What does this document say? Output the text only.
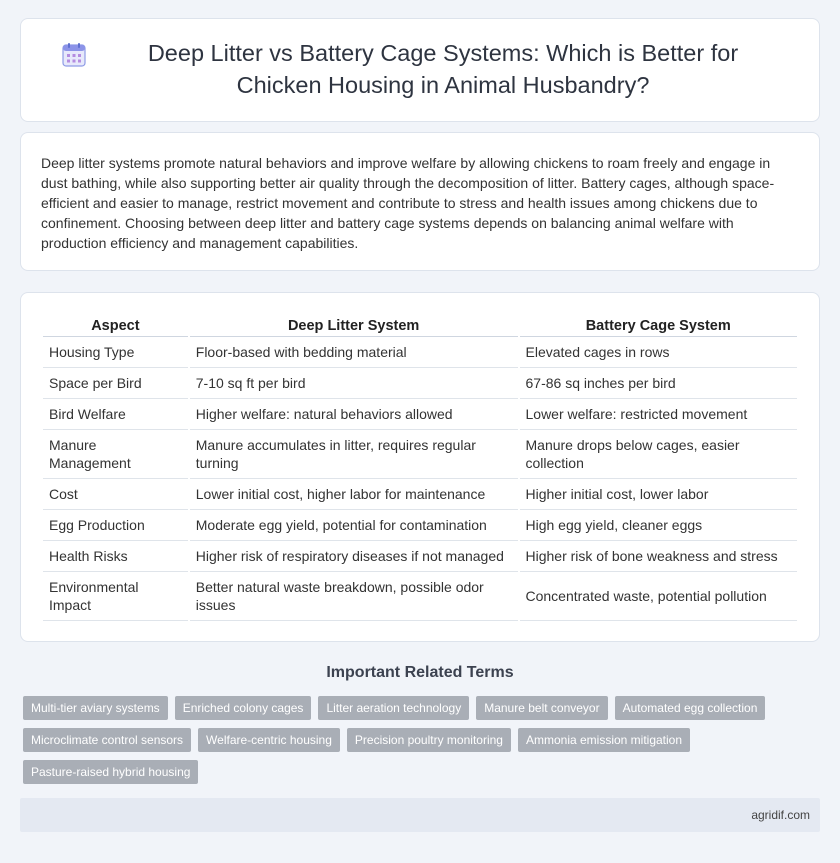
Deep Litter vs Battery Cage Systems: Which is Better for Chicken Housing in Animal Husbandry?

Deep litter systems promote natural behaviors and improve welfare by allowing chickens to roam freely and engage in dust bathing, while also supporting better air quality through the decomposition of litter. Battery cages, although space-efficient and easier to manage, restrict movement and contribute to stress and health issues among chickens due to confinement. Choosing between deep litter and battery cage systems depends on balancing animal welfare with production efficiency and management capabilities.

Aspect	Deep Litter System	Battery Cage System
Housing Type	Floor-based with bedding material	Elevated cages in rows
Space per Bird	7-10 sq ft per bird	67-86 sq inches per bird
Bird Welfare	Higher welfare: natural behaviors allowed	Lower welfare: restricted movement
Manure Management	Manure accumulates in litter, requires regular turning	Manure drops below cages, easier collection
Cost	Lower initial cost, higher labor for maintenance	Higher initial cost, lower labor
Egg Production	Moderate egg yield, potential for contamination	High egg yield, cleaner eggs
Health Risks	Higher risk of respiratory diseases if not managed	Higher risk of bone weakness and stress
Environmental Impact	Better natural waste breakdown, possible odor issues	Concentrated waste, potential pollution
Important Related Terms
Multi-tier aviary systems	Enriched colony cages	Litter aeration technology	Manure belt conveyor	Automated egg collection
Microclimate control sensors	Welfare-centric housing	Precision poultry monitoring	Ammonia emission mitigation
Pasture-raised hybrid housing
agridif.com
